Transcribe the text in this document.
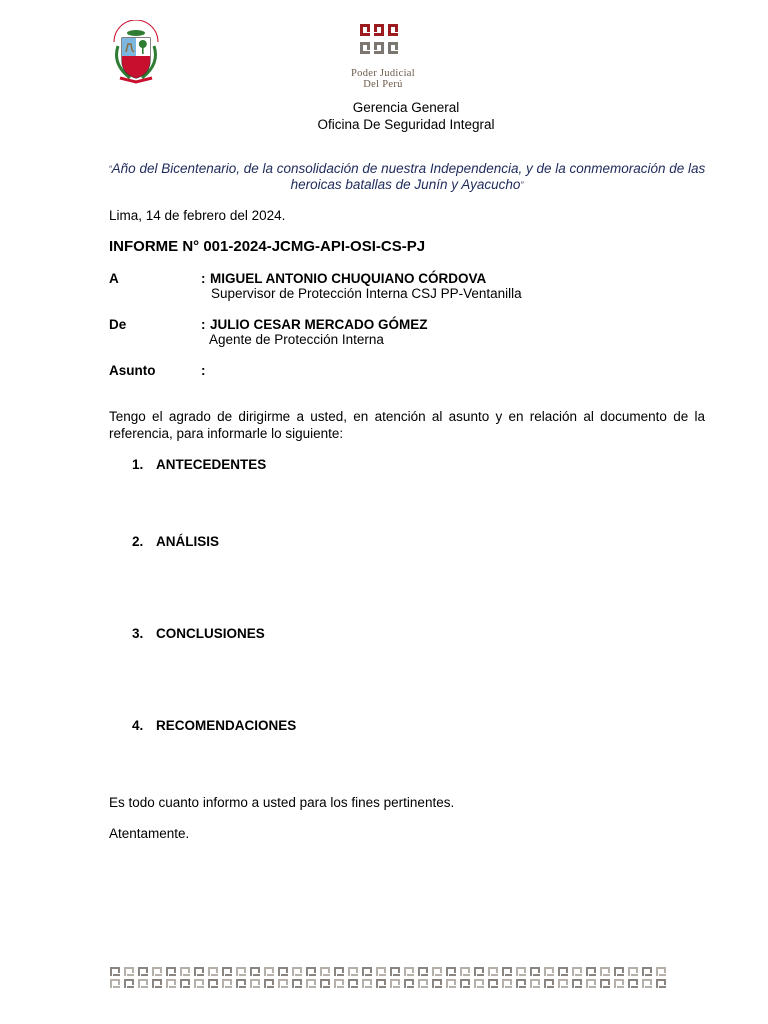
Poder Judicial
Del Perú
Gerencia General
Oficina De Seguridad Integral
“Año del Bicentenario, de la consolidación de nuestra Independencia, y de la conmemoración de las heroicas batallas de Junín y Ayacucho”
Lima, 14 de febrero del 2024.
INFORME N° 001-2024-JCMG-API-OSI-CS-PJ
A	: MIGUEL ANTONIO CHUQUIANO CÓRDOVA
Supervisor de Protección Interna CSJ PP-Ventanilla
De	: JULIO CESAR MERCADO GÓMEZ
Agente de Protección Interna
Asunto	:
Tengo el agrado de dirigirme a usted, en atención al asunto y en relación al documento de la referencia, para informarle lo siguiente:
1. ANTECEDENTES
2. ANÁLISIS
3. CONCLUSIONES
4. RECOMENDACIONES
Es todo cuanto informo a usted para los fines pertinentes.
Atentamente.
